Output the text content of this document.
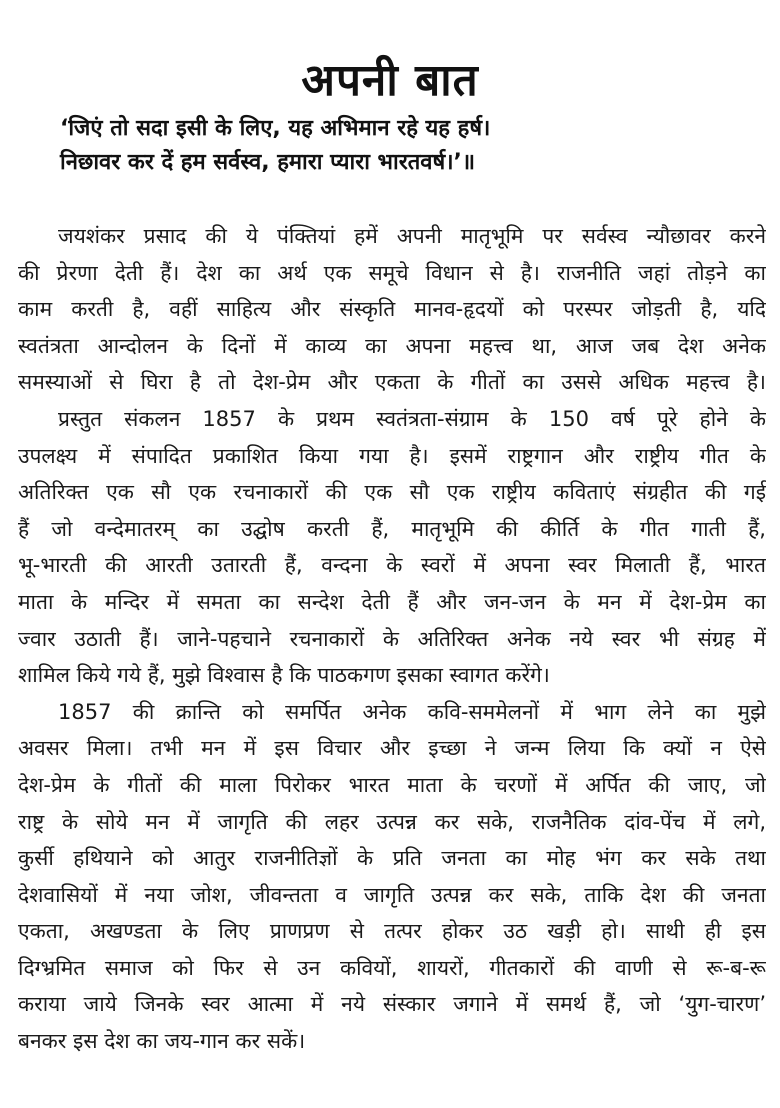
अपनी बात
‘जिएं तो सदा इसी के लिए, यह अभिमान रहे यह हर्ष।
निछावर कर दें हम सर्वस्व, हमारा प्यारा भारतवर्ष।’॥
जयशंकर प्रसाद की ये पंक्तियां हमें अपनी मातृभूमि पर सर्वस्व न्यौछावर करने
की प्रेरणा देती हैं। देश का अर्थ एक समूचे विधान से है। राजनीति जहां तोड़ने का
काम करती है, वहीं साहित्य और संस्कृति मानव-हृदयों को परस्पर जोड़ती है, यदि
स्वतंत्रता आन्दोलन के दिनों में काव्य का अपना महत्त्व था, आज जब देश अनेक
समस्याओं से घिरा है तो देश-प्रेम और एकता के गीतों का उससे अधिक महत्त्व है।
प्रस्तुत संकलन 1857 के प्रथम स्वतंत्रता-संग्राम के 150 वर्ष पूरे होने के
उपलक्ष्य में संपादित प्रकाशित किया गया है। इसमें राष्ट्रगान और राष्ट्रीय गीत के
अतिरिक्त एक सौ एक रचनाकारों की एक सौ एक राष्ट्रीय कविताएं संग्रहीत की गई
हैं जो वन्देमातरम् का उद्घोष करती हैं, मातृभूमि की कीर्ति के गीत गाती हैं,
भू-भारती की आरती उतारती हैं, वन्दना के स्वरों में अपना स्वर मिलाती हैं, भारत
माता के मन्दिर में समता का सन्देश देती हैं और जन-जन के मन में देश-प्रेम का
ज्वार उठाती हैं। जाने-पहचाने रचनाकारों के अतिरिक्त अनेक नये स्वर भी संग्रह में
शामिल किये गये हैं, मुझे विश्वास है कि पाठकगण इसका स्वागत करेंगे।
1857 की क्रान्ति को समर्पित अनेक कवि-सममेलनों में भाग लेने का मुझे
अवसर मिला। तभी मन में इस विचार और इच्छा ने जन्म लिया कि क्यों न ऐसे
देश-प्रेम के गीतों की माला पिरोकर भारत माता के चरणों में अर्पित की जाए, जो
राष्ट्र के सोये मन में जागृति की लहर उत्पन्न कर सके, राजनैतिक दांव-पेंच में लगे,
कुर्सी हथियाने को आतुर राजनीतिज्ञों के प्रति जनता का मोह भंग कर सके तथा
देशवासियों में नया जोश, जीवन्तता व जागृति उत्पन्न कर सके, ताकि देश की जनता
एकता, अखण्डता के लिए प्राणप्रण से तत्पर होकर उठ खड़ी हो। साथी ही इस
दिग्भ्रमित समाज को फिर से उन कवियों, शायरों, गीतकारों की वाणी से रू-ब-रू
कराया जाये जिनके स्वर आत्मा में नये संस्कार जगाने में समर्थ हैं, जो ‘युग-चारण’
बनकर इस देश का जय-गान कर सकें।
